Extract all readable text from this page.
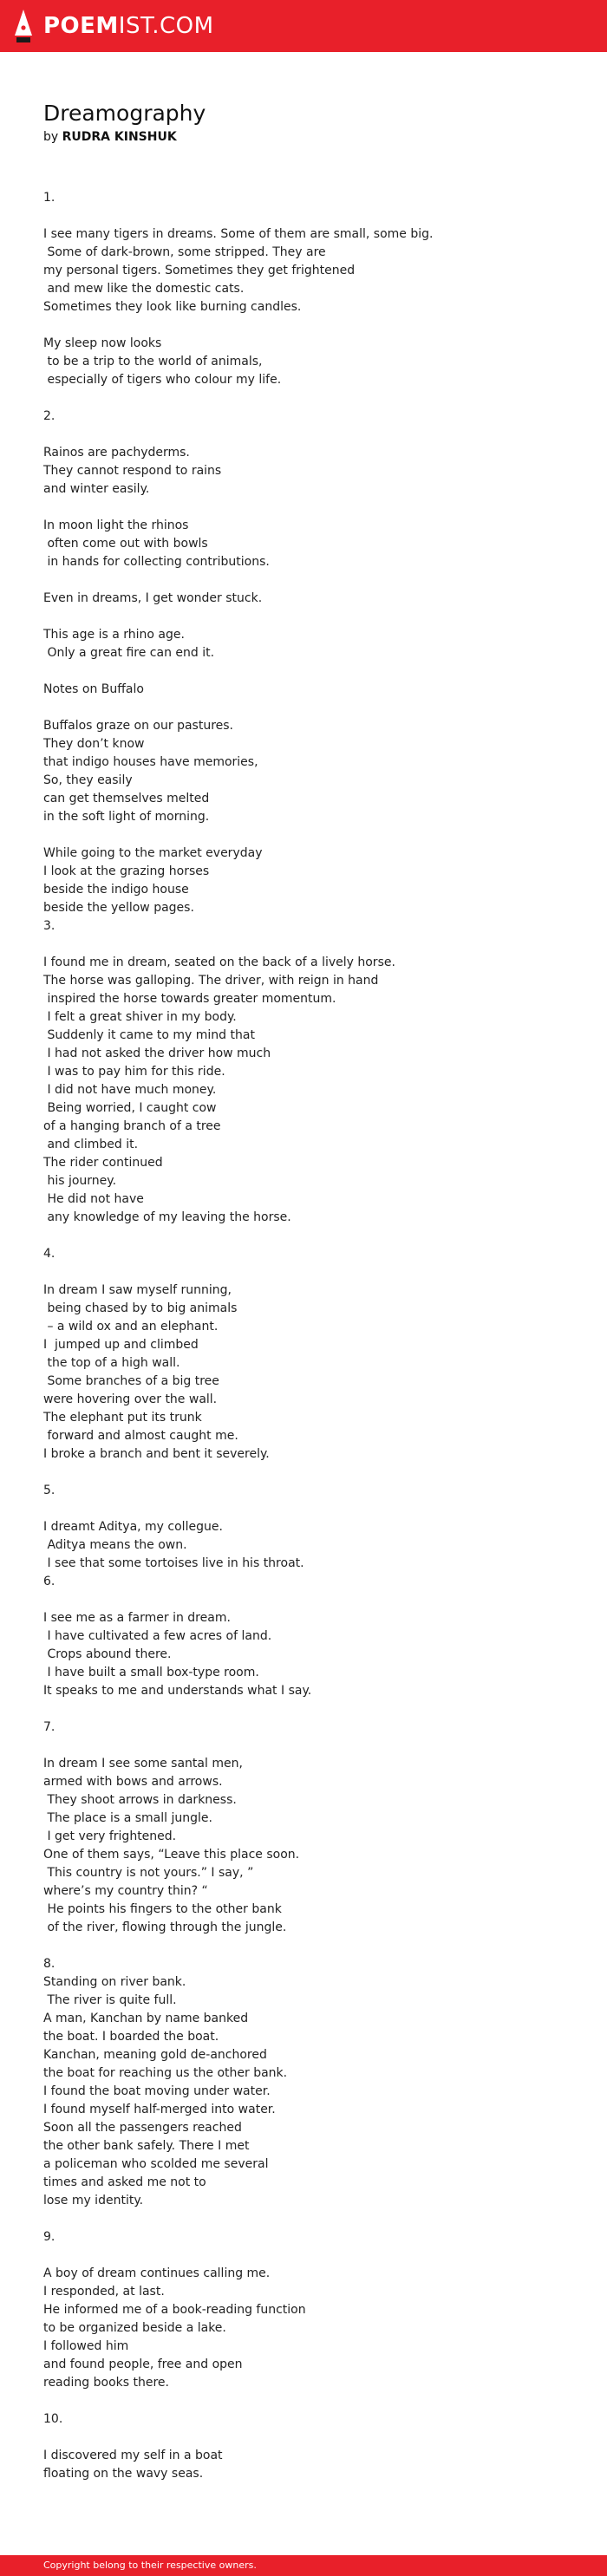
POEMIST.COM
Dreamography
by RUDRA KINSHUK
1.
I see many tigers in dreams. Some of them are small, some big.
Some of dark-brown, some stripped. They are
my personal tigers. Sometimes they get frightened
and mew like the domestic cats.
Sometimes they look like burning candles.
My sleep now looks
to be a trip to the world of animals,
especially of tigers who colour my life.
2.
Rainos are pachyderms.
They cannot respond to rains
and winter easily.
In moon light the rhinos
often come out with bowls
in hands for collecting contributions.
Even in dreams, I get wonder stuck.
This age is a rhino age.
Only a great fire can end it.
Notes on Buffalo
Buffalos graze on our pastures.
They don’t know
that indigo houses have memories,
So, they easily
can get themselves melted
in the soft light of morning.
While going to the market everyday
I look at the grazing horses
beside the indigo house
beside the yellow pages.
3.
I found me in dream, seated on the back of a lively horse.
The horse was galloping. The driver, with reign in hand
inspired the horse towards greater momentum.
I felt a great shiver in my body.
Suddenly it came to my mind that
I had not asked the driver how much
I was to pay him for this ride.
I did not have much money.
Being worried, I caught cow
of a hanging branch of a tree
and climbed it.
The rider continued
his journey.
He did not have
any knowledge of my leaving the horse.
4.
In dream I saw myself running,
being chased by to big animals
– a wild ox and an elephant.
I  jumped up and climbed
the top of a high wall.
Some branches of a big tree
were hovering over the wall.
The elephant put its trunk
forward and almost caught me.
I broke a branch and bent it severely.
5.
I dreamt Aditya, my collegue.
Aditya means the own.
I see that some tortoises live in his throat.
6.
I see me as a farmer in dream.
I have cultivated a few acres of land.
Crops abound there.
I have built a small box-type room.
It speaks to me and understands what I say.
7.
In dream I see some santal men,
armed with bows and arrows.
They shoot arrows in darkness.
The place is a small jungle.
I get very frightened.
One of them says, “Leave this place soon.
This country is not yours.” I say, ”
where’s my country thin? “
He points his fingers to the other bank
of the river, flowing through the jungle.
8.
Standing on river bank.
The river is quite full.
A man, Kanchan by name banked
the boat. I boarded the boat.
Kanchan, meaning gold de-anchored
the boat for reaching us the other bank.
I found the boat moving under water.
I found myself half-merged into water.
Soon all the passengers reached
the other bank safely. There I met
a policeman who scolded me several
times and asked me not to
lose my identity.
9.
A boy of dream continues calling me.
I responded, at last.
He informed me of a book-reading function
to be organized beside a lake.
I followed him
and found people, free and open
reading books there.
10.
I discovered my self in a boat
floating on the wavy seas.
Copyright belong to their respective owners.
